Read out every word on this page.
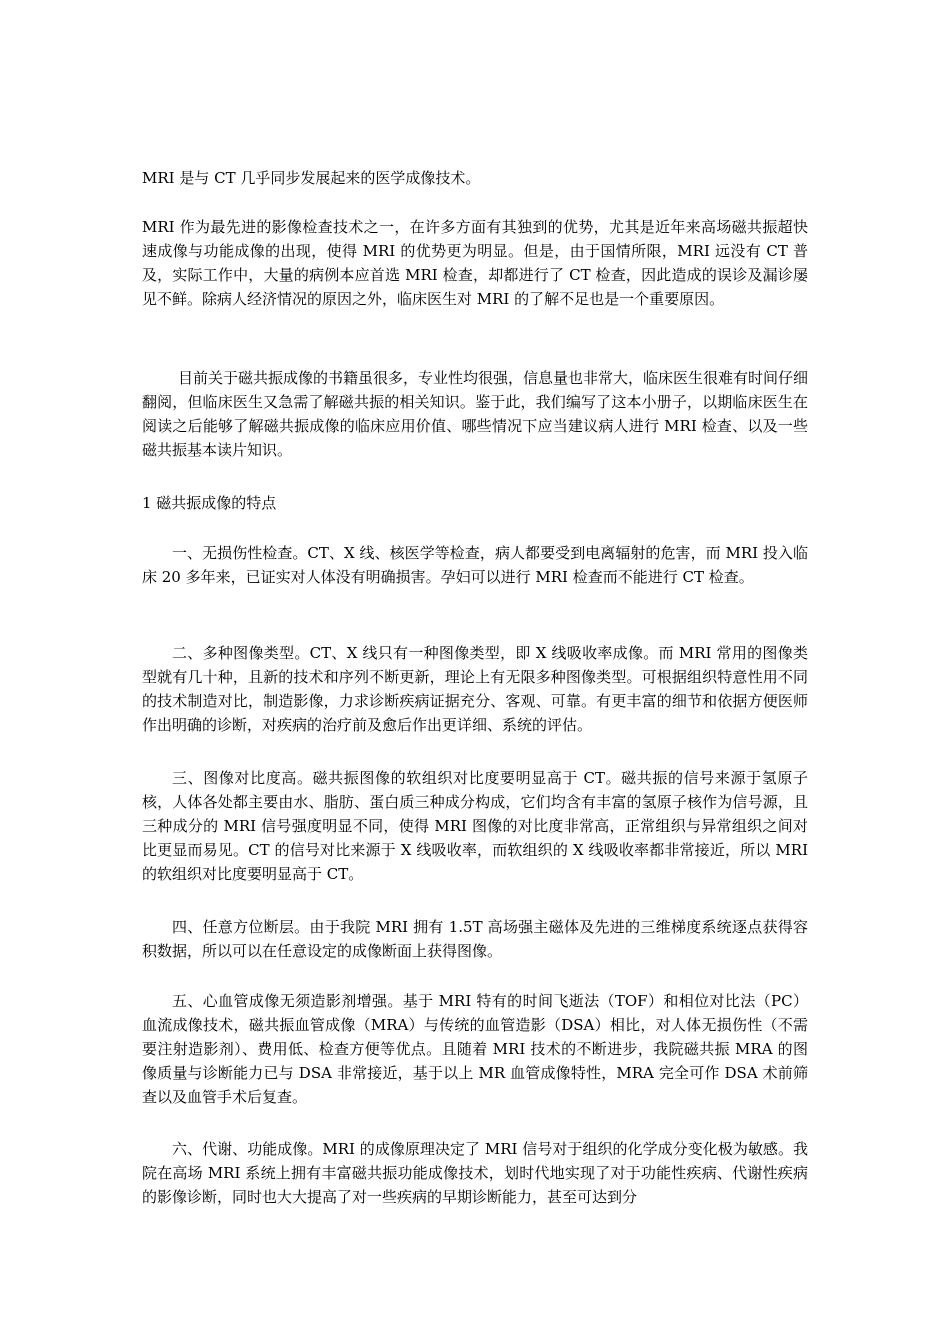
MRI 是与 CT 几乎同步发展起来的医学成像技术。

MRI 作为最先进的影像检查技术之一，在许多方面有其独到的优势，尤其是近年来高场磁共振超快速成像与功能成像的出现，使得 MRI 的优势更为明显。但是，由于国情所限，MRI 远没有 CT 普及，实际工作中，大量的病例本应首选 MRI 检查，却都进行了 CT 检查，因此造成的误诊及漏诊屡见不鲜。除病人经济情况的原因之外，临床医生对 MRI 的了解不足也是一个重要原因。

目前关于磁共振成像的书籍虽很多，专业性均很强，信息量也非常大，临床医生很难有时间仔细翻阅，但临床医生又急需了解磁共振的相关知识。鉴于此，我们编写了这本小册子，以期临床医生在阅读之后能够了解磁共振成像的临床应用价值、哪些情况下应当建议病人进行 MRI 检查、以及一些磁共振基本读片知识。

1 磁共振成像的特点

一、无损伤性检查。CT、X 线、核医学等检查，病人都要受到电离辐射的危害，而 MRI 投入临床 20 多年来，已证实对人体没有明确损害。孕妇可以进行 MRI 检查而不能进行 CT 检查。

二、多种图像类型。CT、X 线只有一种图像类型，即 X 线吸收率成像。而 MRI 常用的图像类型就有几十种，且新的技术和序列不断更新，理论上有无限多种图像类型。可根据组织特意性用不同的技术制造对比，制造影像，力求诊断疾病证据充分、客观、可靠。有更丰富的细节和依据方便医师作出明确的诊断，对疾病的治疗前及愈后作出更详细、系统的评估。

三、图像对比度高。磁共振图像的软组织对比度要明显高于 CT。磁共振的信号来源于氢原子核，人体各处都主要由水、脂肪、蛋白质三种成分构成，它们均含有丰富的氢原子核作为信号源，且三种成分的 MRI 信号强度明显不同，使得 MRI 图像的对比度非常高，正常组织与异常组织之间对比更显而易见。CT 的信号对比来源于 X 线吸收率，而软组织的 X 线吸收率都非常接近，所以 MRI 的软组织对比度要明显高于 CT。

四、任意方位断层。由于我院 MRI 拥有 1.5T 高场强主磁体及先进的三维梯度系统逐点获得容积数据，所以可以在任意设定的成像断面上获得图像。

五、心血管成像无须造影剂增强。基于 MRI 特有的时间飞逝法（TOF）和相位对比法（PC）血流成像技术，磁共振血管成像（MRA）与传统的血管造影（DSA）相比，对人体无损伤性（不需要注射造影剂）、费用低、检查方便等优点。且随着 MRI 技术的不断进步，我院磁共振 MRA 的图像质量与诊断能力已与 DSA 非常接近，基于以上 MR 血管成像特性，MRA 完全可作 DSA 术前筛查以及血管手术后复查。

六、代谢、功能成像。MRI 的成像原理决定了 MRI 信号对于组织的化学成分变化极为敏感。我院在高场 MRI 系统上拥有丰富磁共振功能成像技术，划时代地实现了对于功能性疾病、代谢性疾病的影像诊断，同时也大大提高了对一些疾病的早期诊断能力，甚至可达到分
